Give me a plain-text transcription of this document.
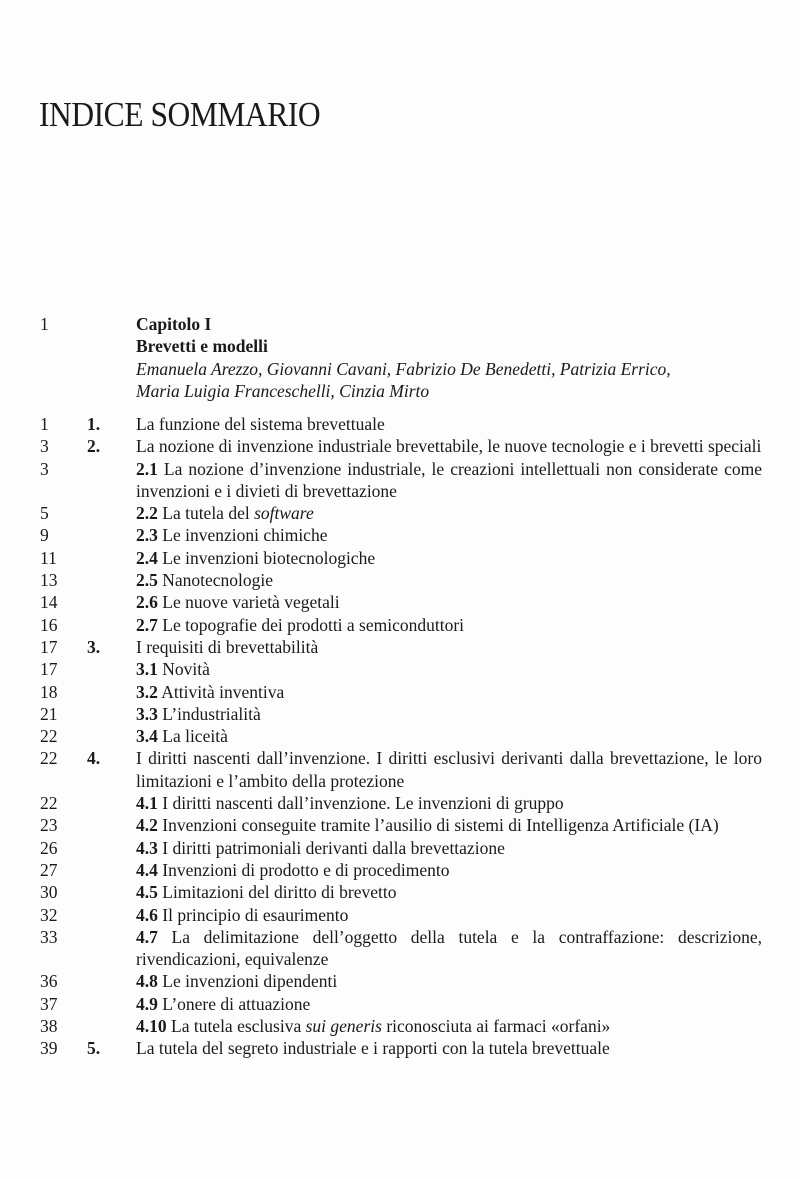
INDICE SOMMARIO
1	Capitolo I
Brevetti e modelli
Emanuela Arezzo, Giovanni Cavani, Fabrizio De Benedetti, Patrizia Errico,
Maria Luigia Franceschelli, Cinzia Mirto
1	1. La funzione del sistema brevettuale
3	2. La nozione di invenzione industriale brevettabile, le nuove tecnologie e i brevetti speciali
3	2.1 La nozione d’invenzione industriale, le creazioni intellettuali non considerate come invenzioni e i divieti di brevettazione
5	2.2 La tutela del software
9	2.3 Le invenzioni chimiche
11	2.4 Le invenzioni biotecnologiche
13	2.5 Nanotecnologie
14	2.6 Le nuove varietà vegetali
16	2.7 Le topografie dei prodotti a semiconduttori
17	3. I requisiti di brevettabilità
17	3.1 Novità
18	3.2 Attività inventiva
21	3.3 L’industrialità
22	3.4 La liceità
22	4. I diritti nascenti dall’invenzione. I diritti esclusivi derivanti dalla brevettazione, le loro limitazioni e l’ambito della protezione
22	4.1 I diritti nascenti dall’invenzione. Le invenzioni di gruppo
23	4.2 Invenzioni conseguite tramite l’ausilio di sistemi di Intelligenza Artificiale (IA)
26	4.3 I diritti patrimoniali derivanti dalla brevettazione
27	4.4 Invenzioni di prodotto e di procedimento
30	4.5 Limitazioni del diritto di brevetto
32	4.6 Il principio di esaurimento
33	4.7 La delimitazione dell’oggetto della tutela e la contraffazione: descrizione, rivendicazioni, equivalenze
36	4.8 Le invenzioni dipendenti
37	4.9 L’onere di attuazione
38	4.10 La tutela esclusiva sui generis riconosciuta ai farmaci «orfani»
39	5. La tutela del segreto industriale e i rapporti con la tutela brevettuale
